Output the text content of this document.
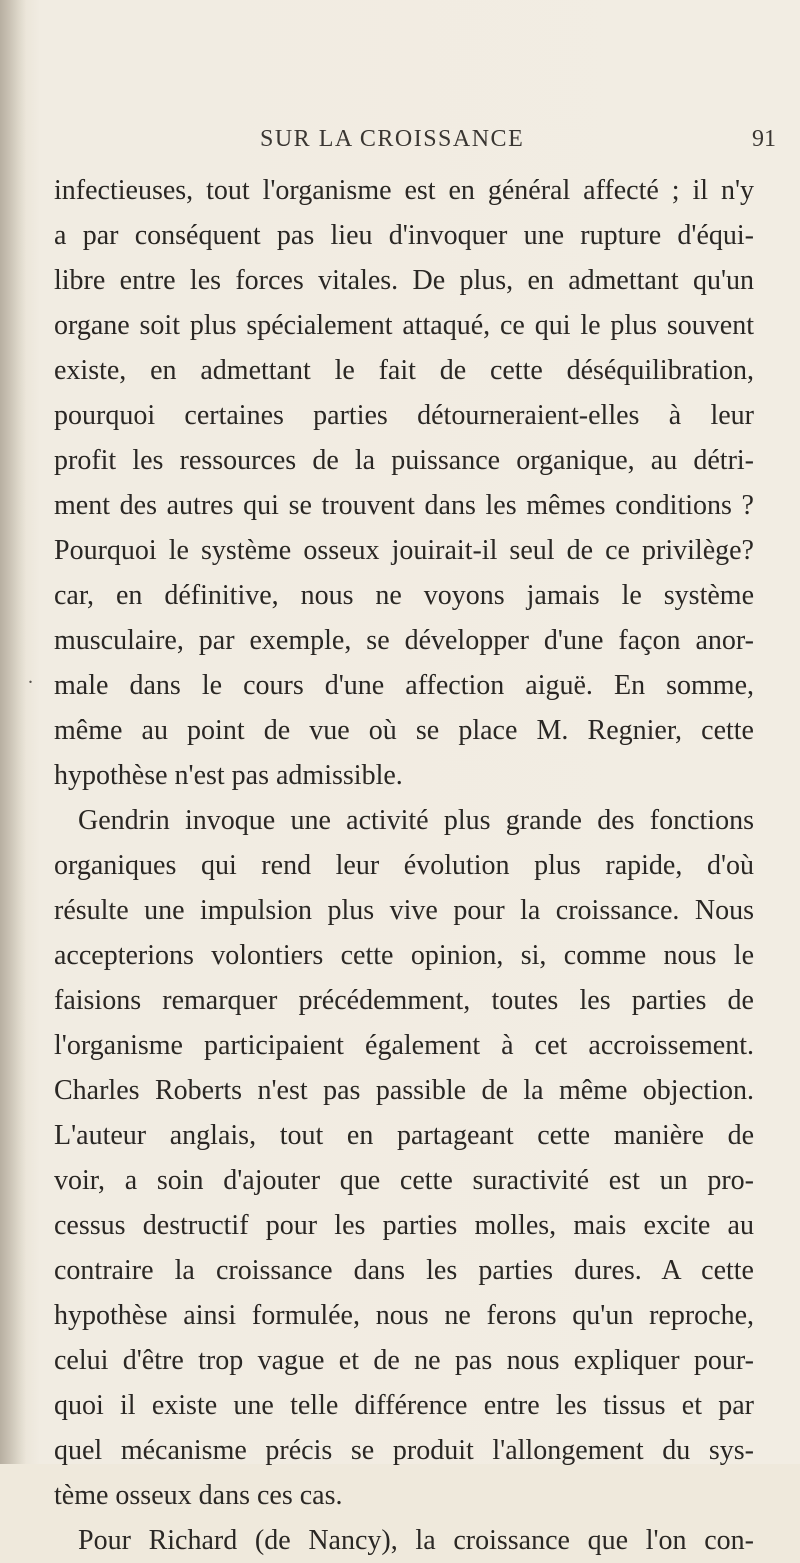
SUR LA CROISSANCE	91
.
infectieuses, tout l'organisme est en général affecté ; il n'y
a par conséquent pas lieu d'invoquer une rupture d'équi-
libre entre les forces vitales. De plus, en admettant qu'un
organe soit plus spécialement attaqué, ce qui le plus souvent
existe, en admettant le fait de cette déséquilibration,
pourquoi certaines parties détourneraient-elles à leur
profit les ressources de la puissance organique, au détri-
ment des autres qui se trouvent dans les mêmes conditions ?
Pourquoi le système osseux jouirait-il seul de ce privilège?
car, en définitive, nous ne voyons jamais le système
musculaire, par exemple, se développer d'une façon anor-
male dans le cours d'une affection aiguë. En somme,
même au point de vue où se place M. Regnier, cette
hypothèse n'est pas admissible.
Gendrin invoque une activité plus grande des fonctions
organiques qui rend leur évolution plus rapide, d'où
résulte une impulsion plus vive pour la croissance. Nous
accepterions volontiers cette opinion, si, comme nous le
faisions remarquer précédemment, toutes les parties de
l'organisme participaient également à cet accroissement.
Charles Roberts n'est pas passible de la même objection.
L'auteur anglais, tout en partageant cette manière de
voir, a soin d'ajouter que cette suractivité est un pro-
cessus destructif pour les parties molles, mais excite au
contraire la croissance dans les parties dures. A cette
hypothèse ainsi formulée, nous ne ferons qu'un reproche,
celui d'être trop vague et de ne pas nous expliquer pour-
quoi il existe une telle différence entre les tissus et par
quel mécanisme précis se produit l'allongement du sys-
tème osseux dans ces cas.
Pour Richard (de Nancy), la croissance que l'on con-
